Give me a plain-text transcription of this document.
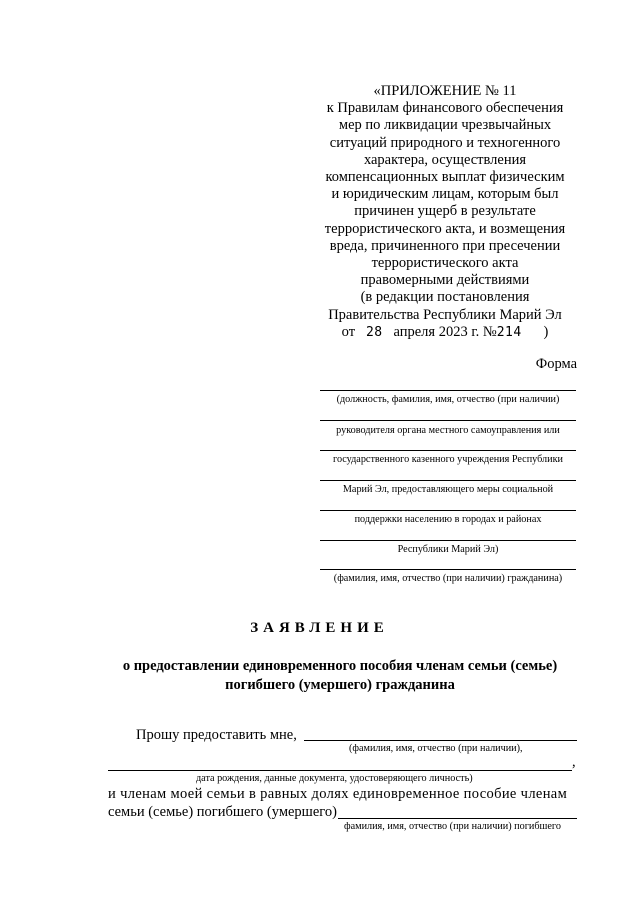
«ПРИЛОЖЕНИЕ № 11
к Правилам финансового обеспечения
мер по ликвидации чрезвычайных
ситуаций природного и техногенного
характера, осуществления
компенсационных выплат физическим
и юридическим лицам, которым был
причинен ущерб в результате
террористического акта, и возмещения
вреда, причиненного при пресечении
террористического акта
правомерными действиями
(в редакции постановления
Правительства Республики Марий Эл
от 28 апреля 2023 г. №214 )
Форма
(должность, фамилия, имя, отчество (при наличии)
руководителя органа местного самоуправления или
государственного казенного учреждения Республики
Марий Эл, предоставляющего меры социальной
поддержки населению в городах и районах
Республики Марий Эл)
(фамилия, имя, отчество (при наличии) гражданина)
ЗАЯВЛЕНИЕ
о предоставлении единовременного пособия членам семьи (семье)
погибшего (умершего) гражданина
Прошу предоставить мне,
(фамилия, имя, отчество (при наличии),
,
дата рождения, данные документа, удостоверяющего личность)
и членам моей семьи в равных долях единовременное пособие членам
семьи (семье) погибшего (умершего)
фамилия, имя, отчество (при наличии) погибшего
